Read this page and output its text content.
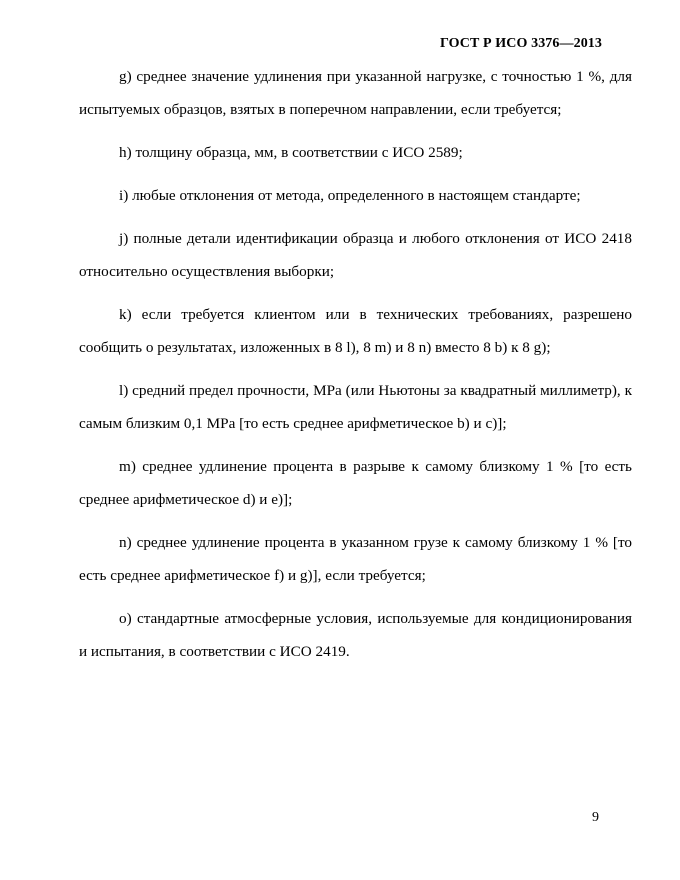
ГОСТ Р ИСО 3376—2013

g) среднее значение удлинения при указанной нагрузке, с точностью 1 %, для испытуемых образцов, взятых в поперечном направлении, если требуется;

h) толщину образца, мм, в соответствии с ИСО 2589;

i) любые отклонения от метода, определенного в настоящем стандарте;

j) полные детали идентификации образца и любого отклонения от ИСО 2418 относительно осуществления выборки;

k) если требуется клиентом или в технических требованиях, разрешено сообщить о результатах, изложенных в 8 l), 8 m) и 8 n) вместо 8 b) к 8 g);

l) средний предел прочности, MPa (или Ньютоны за квадратный миллиметр), к самым близким 0,1 MPa [то есть среднее арифметическое b) и c)];

m) среднее удлинение процента в разрыве к самому близкому 1 % [то есть среднее арифметическое d) и e)];

n) среднее удлинение процента в указанном грузе к самому близкому 1 % [то есть среднее арифметическое f) и g)], если требуется;

o) стандартные атмосферные условия, используемые для кондиционирования и испытания, в соответствии с ИСО 2419.

9
